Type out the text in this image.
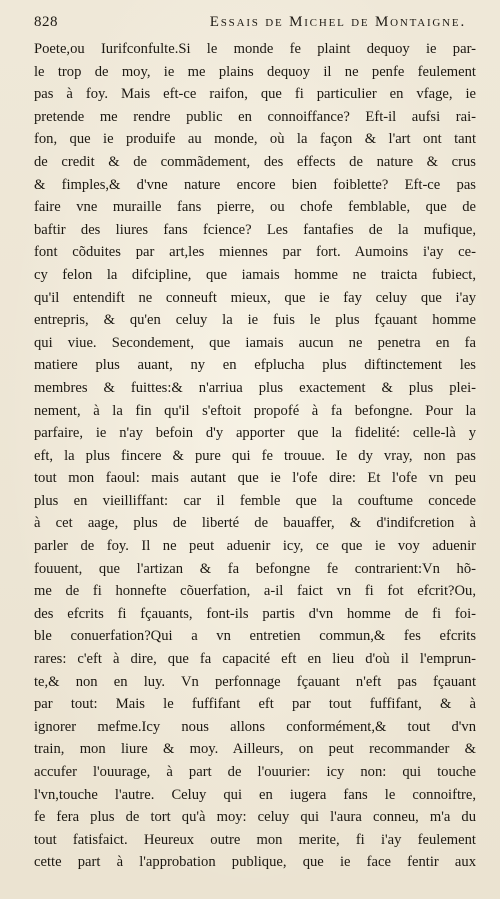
828	Essais de Michel de Montaigne.
Poete,ou Iurifconfulte.Si le monde fe plaint dequoy ie par-
le trop de moy, ie me plains dequoy il ne penfe feulement
pas à foy. Mais eft-ce raifon, que fi particulier en vfage, ie
pretende me rendre public en connoiffance? Eft-il aufsi rai-
fon, que ie produife au monde, où la façon & l'art ont tant
de credit & de commãdement, des effects de nature & crus
& fimples,& d'vne nature encore bien foiblette? Eft-ce pas
faire vne muraille fans pierre, ou chofe femblable, que de
baftir des liures fans fcience? Les fantafies de la mufique,
font cõduites par art,les miennes par fort. Aumoins i'ay ce-
cy felon la difcipline, que iamais homme ne traicta fubiect,
qu'il entendift ne conneuft mieux, que ie fay celuy que i'ay
entrepris, & qu'en celuy la ie fuis le plus fçauant homme
qui viue. Secondement, que iamais aucun ne penetra en fa
matiere plus auant, ny en efplucha plus diftinctement les
membres & fuittes:& n'arriua plus exactement & plus plei-
nement, à la fin qu'il s'eftoit propofé à fa befongne. Pour la
parfaire, ie n'ay befoin d'y apporter que la fidelité: celle-là y
eft, la plus fincere & pure qui fe trouue. Ie dy vray, non pas
tout mon faoul: mais autant que ie l'ofe dire: Et l'ofe vn peu
plus en vieilliffant: car il femble que la couftume concede
à cet aage, plus de liberté de bauaffer, & d'indifcretion à
parler de foy. Il ne peut aduenir icy, ce que ie voy aduenir
fouuent, que l'artizan & fa befongne fe contrarient:Vn hõ-
me de fi honnefte cõuerfation, a-il faict vn fi fot efcrit?Ou,
des efcrits fi fçauants, font-ils partis d'vn homme de fi foi-
ble conuerfation?Qui a vn entretien commun,& fes efcrits
rares: c'eft à dire, que fa capacité eft en lieu d'où il l'emprun-
te,& non en luy. Vn perfonnage fçauant n'eft pas fçauant
par tout: Mais le fuffifant eft par tout fuffifant, & à
ignorer mefme.Icy nous allons conformément,& tout d'vn
train, mon liure & moy. Ailleurs, on peut recommander &
accufer l'ouurage, à part de l'ouurier: icy non: qui touche
l'vn,touche l'autre. Celuy qui en iugera fans le connoiftre,
fe fera plus de tort qu'à moy: celuy qui l'aura conneu, m'a du
tout fatisfaict. Heureux outre mon merite, fi i'ay feulement
cette part à l'approbation publique, que ie face fentir aux
